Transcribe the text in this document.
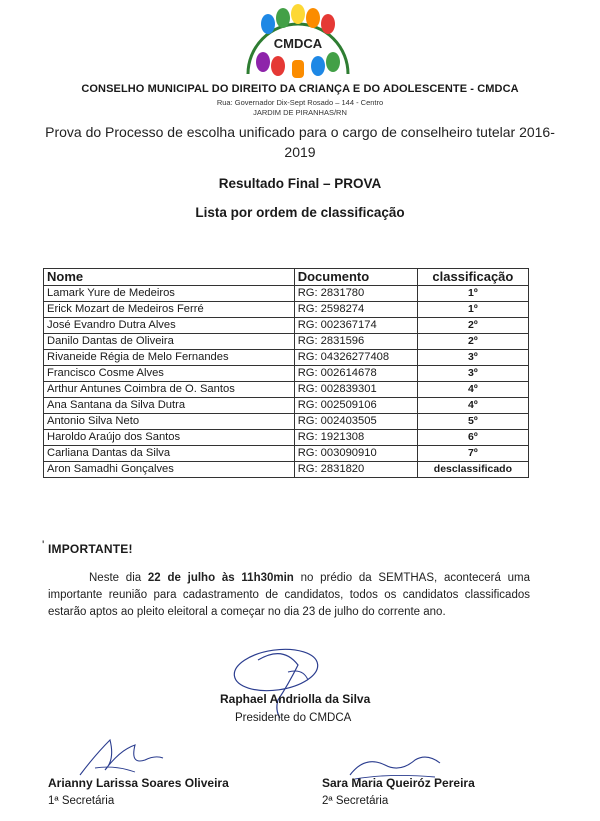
CMDCA
CONSELHO MUNICIPAL DO DIREITO DA CRIANÇA E DO ADOLESCENTE - CMDCA
Rua: Governador Dix-Sept Rosado – 144 - Centro
JARDIM DE PIRANHAS/RN
Prova do Processo de escolha unificado para o cargo de conselheiro tutelar 2016-2019
Resultado Final – PROVA
Lista por ordem de classificação
Nome	Documento	classificação
Lamark Yure de Medeiros	RG: 2831780	1º
Erick Mozart de Medeiros Ferré	RG: 2598274	1º
José Evandro Dutra Alves	RG: 002367174	2º
Danilo Dantas de Oliveira	RG: 2831596	2º
Rivaneide Régia de Melo Fernandes	RG: 04326277408	3º
Francisco Cosme Alves	RG: 002614678	3º
Arthur Antunes Coimbra de O. Santos	RG: 002839301	4º
Ana Santana da Silva Dutra	RG: 002509106	4º
Antonio Silva Neto	RG: 002403505	5º
Haroldo Araújo dos Santos	RG: 1921308	6º
Carliana Dantas da Silva	RG: 003090910	7º
Aron Samadhi Gonçalves	RG: 2831820	desclassificado
' IMPORTANTE!
Neste dia 22 de julho às 11h30min no prédio da SEMTHAS, acontecerá uma importante reunião para cadastramento de candidatos, todos os candidatos classificados estarão aptos ao pleito eleitoral a começar no dia 23 de julho do corrente ano.
Raphael Andriolla da Silva
Presidente do CMDCA
Arianny Larissa Soares Oliveira
1ª Secretária
Sara Maria Queiróz Pereira
2ª Secretária
